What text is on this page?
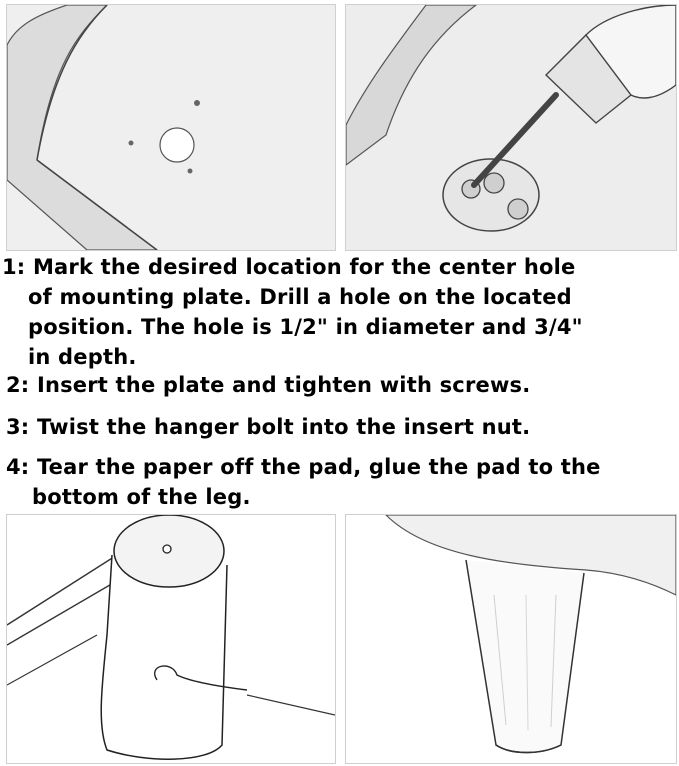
1: Mark the desired location for the center hole
of mounting plate. Drill a hole on the located
position. The hole is 1/2" in diameter and 3/4"
in depth.
2: Insert the plate and tighten with screws.
3: Twist the hanger bolt into the insert nut.
4: Tear the paper off the pad, glue the pad to the
bottom of the leg.
